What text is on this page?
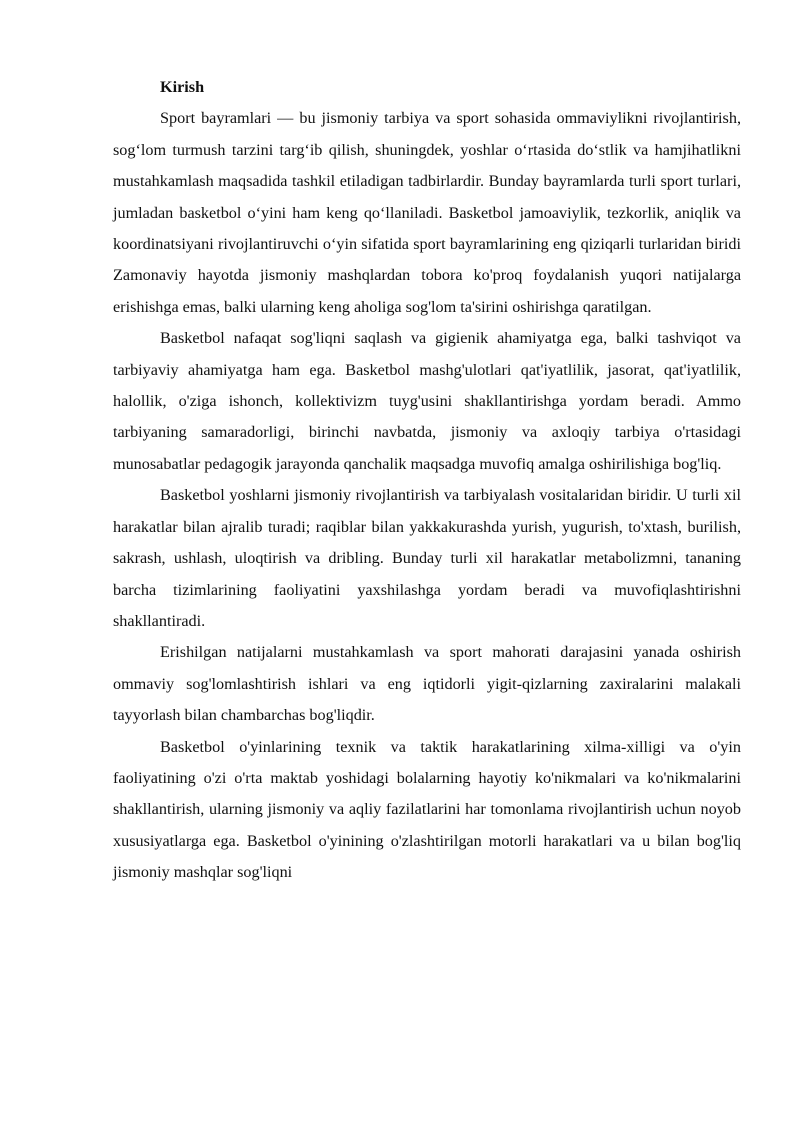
Kirish

Sport bayramlari — bu jismoniy tarbiya va sport sohasida ommaviylikni rivojlantirish, sog‘lom turmush tarzini targ‘ib qilish, shuningdek, yoshlar o‘rtasida do‘stlik va hamjihatlikni mustahkamlash maqsadida tashkil etiladigan tadbirlardir. Bunday bayramlarda turli sport turlari, jumladan basketbol o‘yini ham keng qo‘llaniladi. Basketbol jamoaviylik, tezkorlik, aniqlik va koordinatsiyani rivojlantiruvchi o‘yin sifatida sport bayramlarining eng qiziqarli turlaridan biridi Zamonaviy hayotda jismoniy mashqlardan tobora ko'proq foydalanish yuqori natijalarga erishishga emas, balki ularning keng aholiga sog'lom ta'sirini oshirishga qaratilgan.

Basketbol nafaqat sog'liqni saqlash va gigienik ahamiyatga ega, balki tashviqot va tarbiyaviy ahamiyatga ham ega. Basketbol mashg'ulotlari qat'iyatlilik, jasorat, qat'iyatlilik, halollik, o'ziga ishonch, kollektivizm tuyg'usini shakllantirishga yordam beradi. Ammo tarbiyaning samaradorligi, birinchi navbatda, jismoniy va axloqiy tarbiya o'rtasidagi munosabatlar pedagogik jarayonda qanchalik maqsadga muvofiq amalga oshirilishiga bog'liq.

Basketbol yoshlarni jismoniy rivojlantirish va tarbiyalash vositalaridan biridir. U turli xil harakatlar bilan ajralib turadi; raqiblar bilan yakkakurashda yurish, yugurish, to'xtash, burilish, sakrash, ushlash, uloqtirish va dribling. Bunday turli xil harakatlar metabolizmni, tananing barcha tizimlarining faoliyatini yaxshilashga yordam beradi va muvofiqlashtirishni shakllantiradi.

Erishilgan natijalarni mustahkamlash va sport mahorati darajasini yanada oshirish ommaviy sog'lomlashtirish ishlari va eng iqtidorli yigit-qizlarning zaxiralarini malakali tayyorlash bilan chambarchas bog'liqdir.

Basketbol o'yinlarining texnik va taktik harakatlarining xilma-xilligi va o'yin faoliyatining o'zi o'rta maktab yoshidagi bolalarning hayotiy ko'nikmalari va ko'nikmalarini shakllantirish, ularning jismoniy va aqliy fazilatlarini har tomonlama rivojlantirish uchun noyob xususiyatlarga ega. Basketbol o'yinining o'zlashtirilgan motorli harakatlari va u bilan bog'liq jismoniy mashqlar sog'liqni
